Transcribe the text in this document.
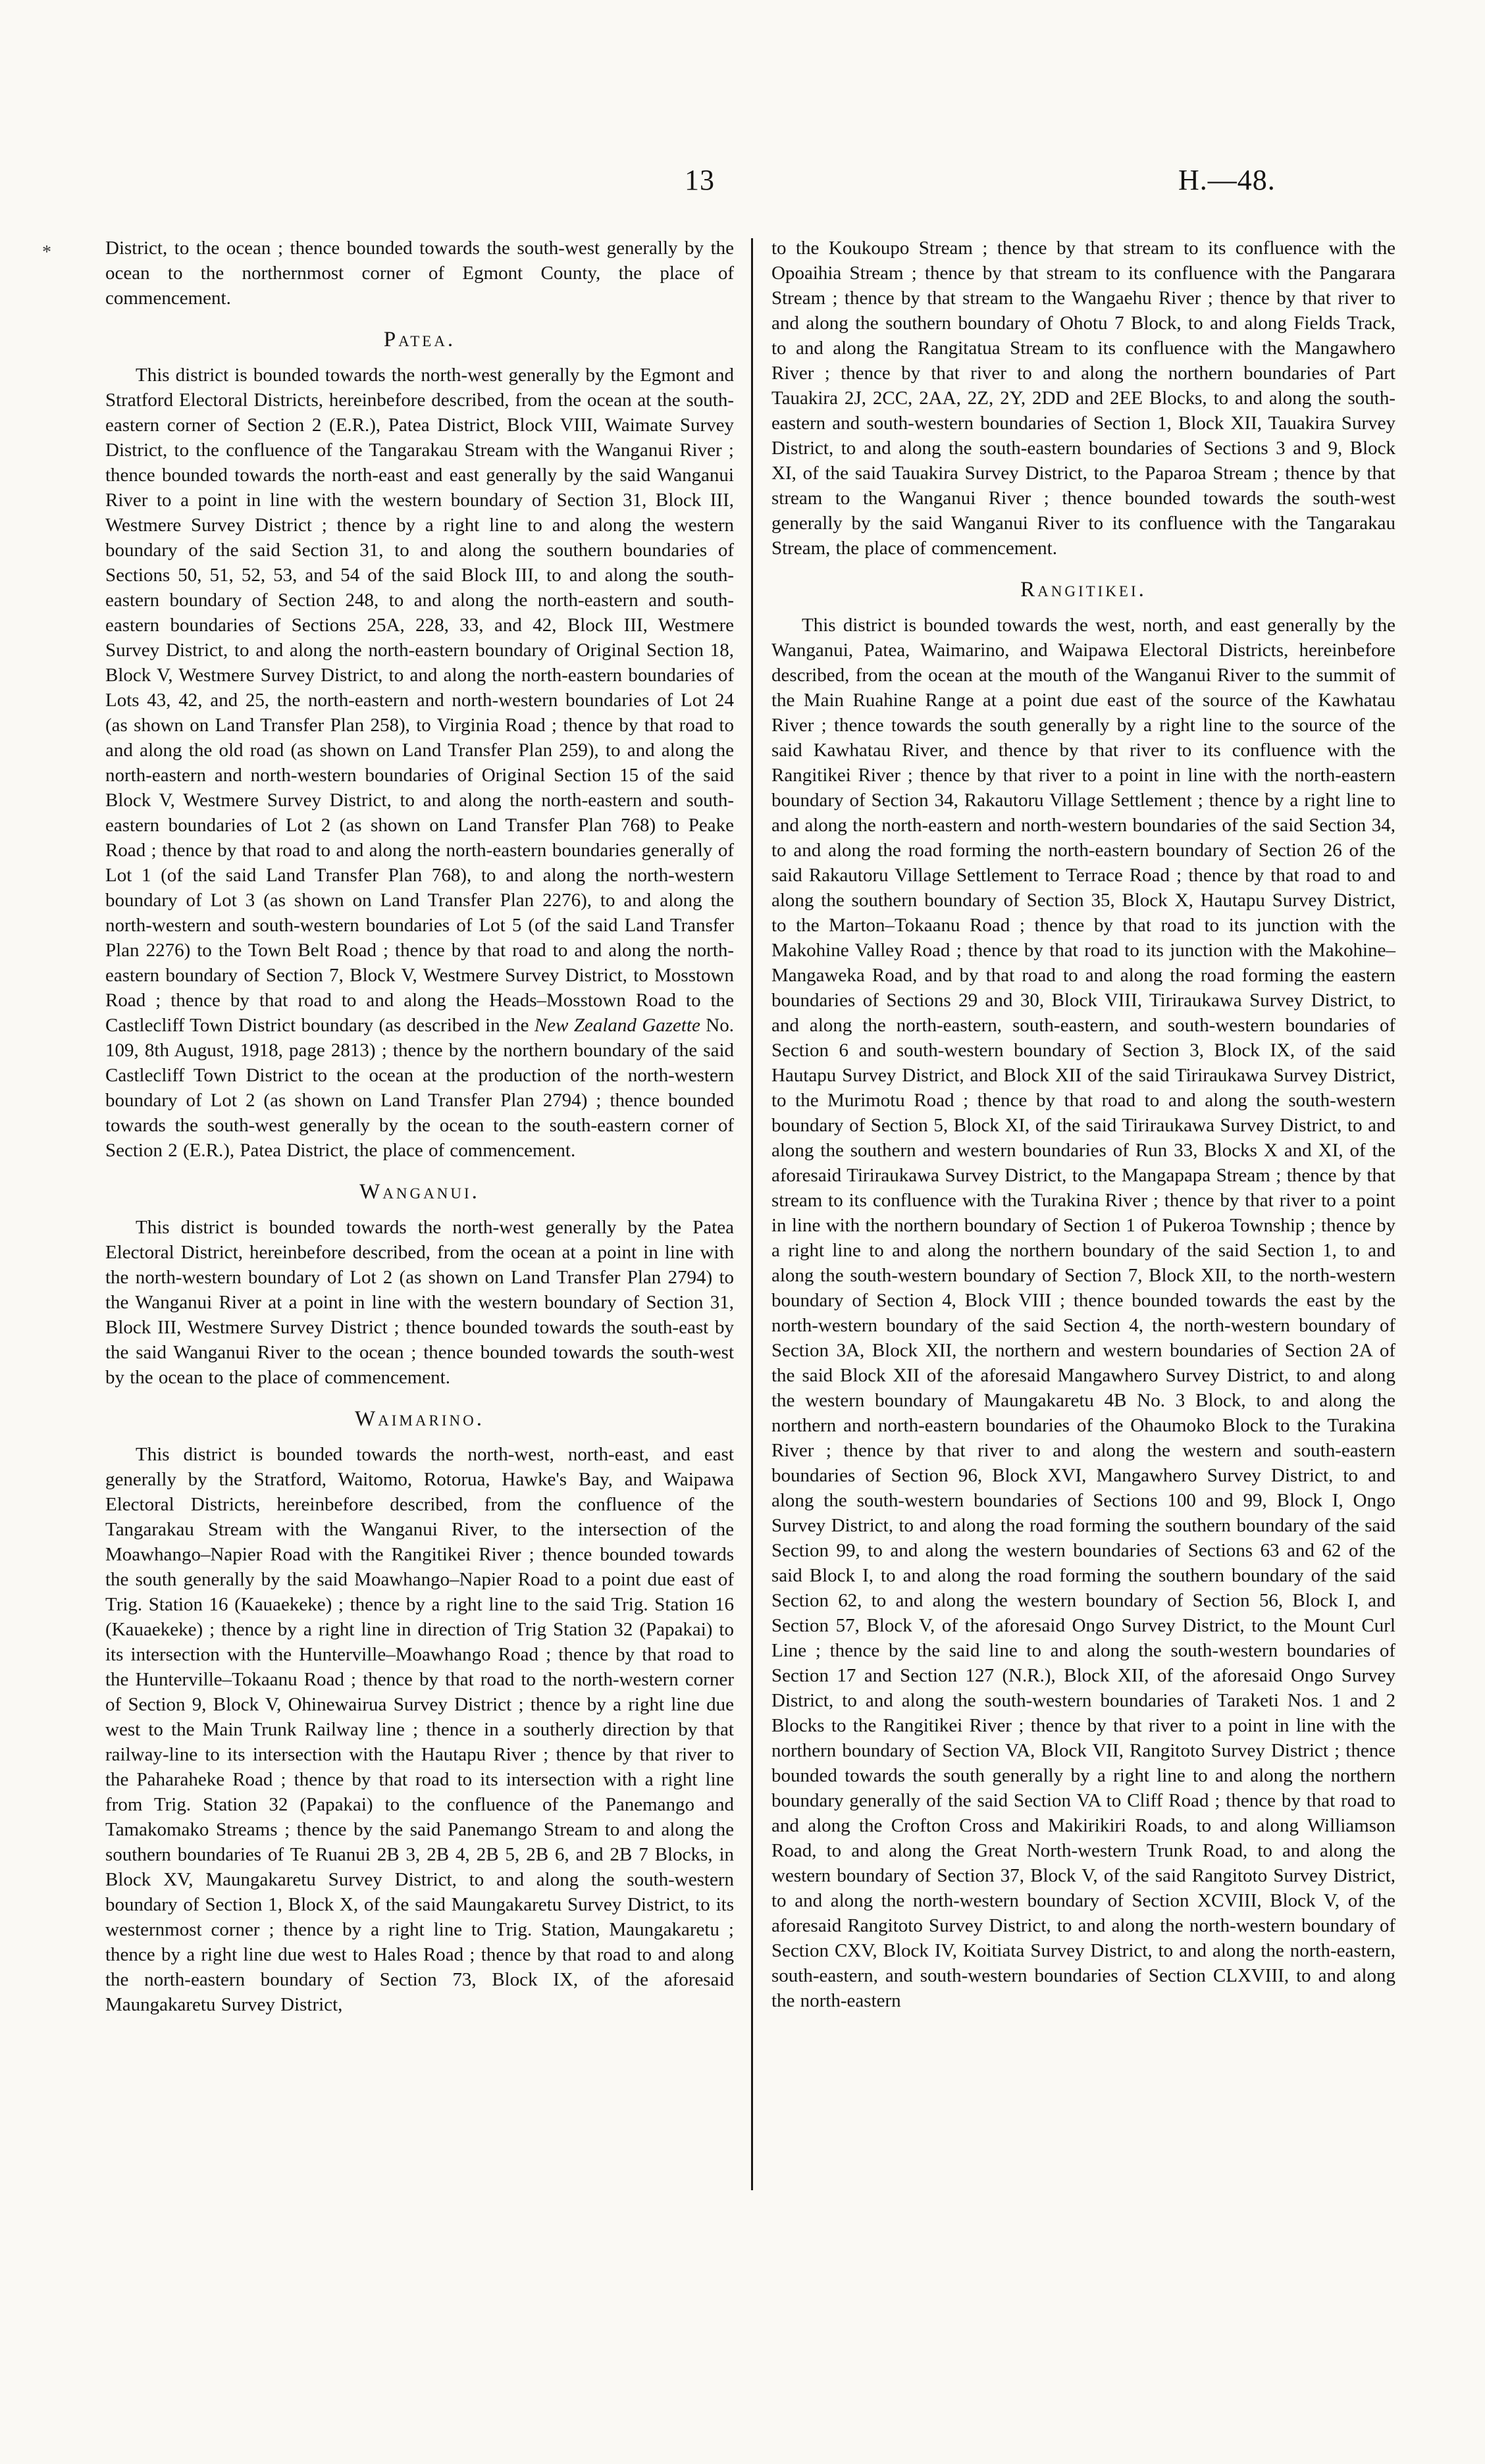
13	H.—48.
*	District, to the ocean ; thence bounded towards the south-west generally by the ocean to the northernmost corner of Egmont County, the place of commencement.

Patea.

This district is bounded towards the north-west generally by the Egmont and Stratford Electoral Districts, hereinbefore described, from the ocean at the south-eastern corner of Section 2 (E.R.), Patea District, Block VIII, Waimate Survey District, to the confluence of the Tangarakau Stream with the Wanganui River ; thence bounded towards the north-east and east generally by the said Wanganui River to a point in line with the western boundary of Section 31, Block III, Westmere Survey District ; thence by a right line to and along the western boundary of the said Section 31, to and along the southern boundaries of Sections 50, 51, 52, 53, and 54 of the said Block III, to and along the south-eastern boundary of Section 248, to and along the north-eastern and south-eastern boundaries of Sections 25A, 228, 33, and 42, Block III, Westmere Survey District, to and along the north-eastern boundary of Original Section 18, Block V, Westmere Survey District, to and along the north-eastern boundaries of Lots 43, 42, and 25, the north-eastern and north-western boundaries of Lot 24 (as shown on Land Transfer Plan 258), to Virginia Road ; thence by that road to and along the old road (as shown on Land Transfer Plan 259), to and along the north-eastern and north-western boundaries of Original Section 15 of the said Block V, Westmere Survey District, to and along the north-eastern and south-eastern boundaries of Lot 2 (as shown on Land Transfer Plan 768) to Peake Road ; thence by that road to and along the north-eastern boundaries generally of Lot 1 (of the said Land Transfer Plan 768), to and along the north-western boundary of Lot 3 (as shown on Land Transfer Plan 2276), to and along the north-western and south-western boundaries of Lot 5 (of the said Land Transfer Plan 2276) to the Town Belt Road ; thence by that road to and along the north-eastern boundary of Section 7, Block V, Westmere Survey District, to Mosstown Road ; thence by that road to and along the Heads–Mosstown Road to the Castlecliff Town District boundary (as described in the New Zealand Gazette No. 109, 8th August, 1918, page 2813) ; thence by the northern boundary of the said Castlecliff Town District to the ocean at the production of the north-western boundary of Lot 2 (as shown on Land Transfer Plan 2794) ; thence bounded towards the south-west generally by the ocean to the south-eastern corner of Section 2 (E.R.), Patea District, the place of commencement.

Wanganui.

This district is bounded towards the north-west generally by the Patea Electoral District, hereinbefore described, from the ocean at a point in line with the north-western boundary of Lot 2 (as shown on Land Transfer Plan 2794) to the Wanganui River at a point in line with the western boundary of Section 31, Block III, Westmere Survey District ; thence bounded towards the south-east by the said Wanganui River to the ocean ; thence bounded towards the south-west by the ocean to the place of commencement.

Waimarino.

This district is bounded towards the north-west, north-east, and east generally by the Stratford, Waitomo, Rotorua, Hawke's Bay, and Waipawa Electoral Districts, hereinbefore described, from the confluence of the Tangarakau Stream with the Wanganui River, to the intersection of the Moawhango–Napier Road with the Rangitikei River ; thence bounded towards the south generally by the said Moawhango–Napier Road to a point due east of Trig. Station 16 (Kauaekeke) ; thence by a right line to the said Trig. Station 16 (Kauaekeke) ; thence by a right line in direction of Trig Station 32 (Papakai) to its intersection with the Hunterville–Moawhango Road ; thence by that road to the Hunterville–Tokaanu Road ; thence by that road to the north-western corner of Section 9, Block V, Ohinewairua Survey District ; thence by a right line due west to the Main Trunk Railway line ; thence in a southerly direction by that railway-line to its intersection with the Hautapu River ; thence by that river to the Paharaheke Road ; thence by that road to its intersection with a right line from Trig. Station 32 (Papakai) to the confluence of the Panemango and Tamakomako Streams ; thence by the said Panemango Stream to and along the southern boundaries of Te Ruanui 2B 3, 2B 4, 2B 5, 2B 6, and 2B 7 Blocks, in Block XV, Maungakaretu Survey District, to and along the south-western boundary of Section 1, Block X, of the said Maungakaretu Survey District, to its westernmost corner ; thence by a right line to Trig. Station, Maungakaretu ; thence by a right line due west to Hales Road ; thence by that road to and along the north-eastern boundary of Section 73, Block IX, of the aforesaid Maungakaretu Survey District,

to the Koukoupo Stream ; thence by that stream to its confluence with the Opoaihia Stream ; thence by that stream to its confluence with the Pangarara Stream ; thence by that stream to the Wangaehu River ; thence by that river to and along the southern boundary of Ohotu 7 Block, to and along Fields Track, to and along the Rangitatua Stream to its confluence with the Mangawhero River ; thence by that river to and along the northern boundaries of Part Tauakira 2J, 2CC, 2AA, 2Z, 2Y, 2DD and 2EE Blocks, to and along the south-eastern and south-western boundaries of Section 1, Block XII, Tauakira Survey District, to and along the south-eastern boundaries of Sections 3 and 9, Block XI, of the said Tauakira Survey District, to the Paparoa Stream ; thence by that stream to the Wanganui River ; thence bounded towards the south-west generally by the said Wanganui River to its confluence with the Tangarakau Stream, the place of commencement.

Rangitikei.

This district is bounded towards the west, north, and east generally by the Wanganui, Patea, Waimarino, and Waipawa Electoral Districts, hereinbefore described, from the ocean at the mouth of the Wanganui River to the summit of the Main Ruahine Range at a point due east of the source of the Kawhatau River ; thence towards the south generally by a right line to the source of the said Kawhatau River, and thence by that river to its confluence with the Rangitikei River ; thence by that river to a point in line with the north-eastern boundary of Section 34, Rakautoru Village Settlement ; thence by a right line to and along the north-eastern and north-western boundaries of the said Section 34, to and along the road forming the north-eastern boundary of Section 26 of the said Rakautoru Village Settlement to Terrace Road ; thence by that road to and along the southern boundary of Section 35, Block X, Hautapu Survey District, to the Marton–Tokaanu Road ; thence by that road to its junction with the Makohine Valley Road ; thence by that road to its junction with the Makohine–Mangaweka Road, and by that road to and along the road forming the eastern boundaries of Sections 29 and 30, Block VIII, Tiriraukawa Survey District, to and along the north-eastern, south-eastern, and south-western boundaries of Section 6 and south-western boundary of Section 3, Block IX, of the said Hautapu Survey District, and Block XII of the said Tiriraukawa Survey District, to the Murimotu Road ; thence by that road to and along the south-western boundary of Section 5, Block XI, of the said Tiriraukawa Survey District, to and along the southern and western boundaries of Run 33, Blocks X and XI, of the aforesaid Tiriraukawa Survey District, to the Mangapapa Stream ; thence by that stream to its confluence with the Turakina River ; thence by that river to a point in line with the northern boundary of Section 1 of Pukeroa Township ; thence by a right line to and along the northern boundary of the said Section 1, to and along the south-western boundary of Section 7, Block XII, to the north-western boundary of Section 4, Block VIII ; thence bounded towards the east by the north-western boundary of the said Section 4, the north-western boundary of Section 3A, Block XII, the northern and western boundaries of Section 2A of the said Block XII of the aforesaid Mangawhero Survey District, to and along the western boundary of Maungakaretu 4B No. 3 Block, to and along the northern and north-eastern boundaries of the Ohaumoko Block to the Turakina River ; thence by that river to and along the western and south-eastern boundaries of Section 96, Block XVI, Mangawhero Survey District, to and along the south-western boundaries of Sections 100 and 99, Block I, Ongo Survey District, to and along the road forming the southern boundary of the said Section 99, to and along the western boundaries of Sections 63 and 62 of the said Block I, to and along the road forming the southern boundary of the said Section 62, to and along the western boundary of Section 56, Block I, and Section 57, Block V, of the aforesaid Ongo Survey District, to the Mount Curl Line ; thence by the said line to and along the south-western boundaries of Section 17 and Section 127 (N.R.), Block XII, of the aforesaid Ongo Survey District, to and along the south-western boundaries of Taraketi Nos. 1 and 2 Blocks to the Rangitikei River ; thence by that river to a point in line with the northern boundary of Section VA, Block VII, Rangitoto Survey District ; thence bounded towards the south generally by a right line to and along the northern boundary generally of the said Section VA to Cliff Road ; thence by that road to and along the Crofton Cross and Makirikiri Roads, to and along Williamson Road, to and along the Great North-western Trunk Road, to and along the western boundary of Section 37, Block V, of the said Rangitoto Survey District, to and along the north-western boundary of Section XCVIII, Block V, of the aforesaid Rangitoto Survey District, to and along the north-western boundary of Section CXV, Block IV, Koitiata Survey District, to and along the north-eastern, south-eastern, and south-western boundaries of Section CLXVIII, to and along the north-eastern
